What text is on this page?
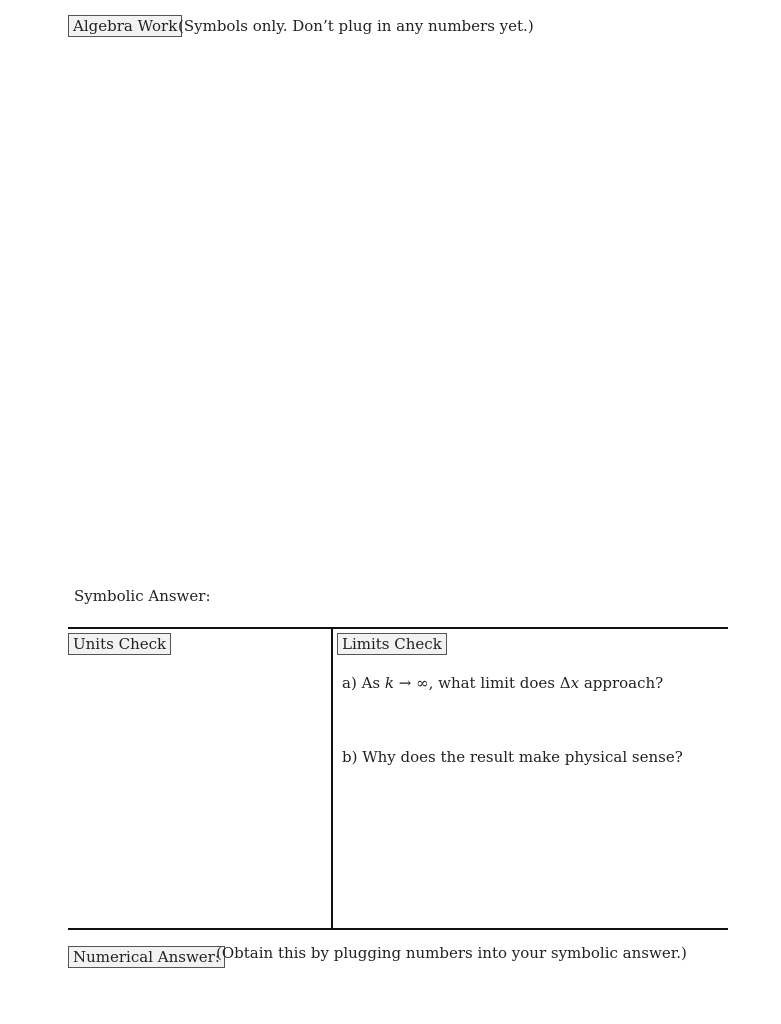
Algebra Work (Symbols only. Don’t plug in any numbers yet.)
Symbolic Answer:
Units Check	Limits Check
a) As k → ∞, what limit does Δx approach?
b) Why does the result make physical sense?
Numerical Answer:
(Obtain this by plugging numbers into your symbolic answer.)
